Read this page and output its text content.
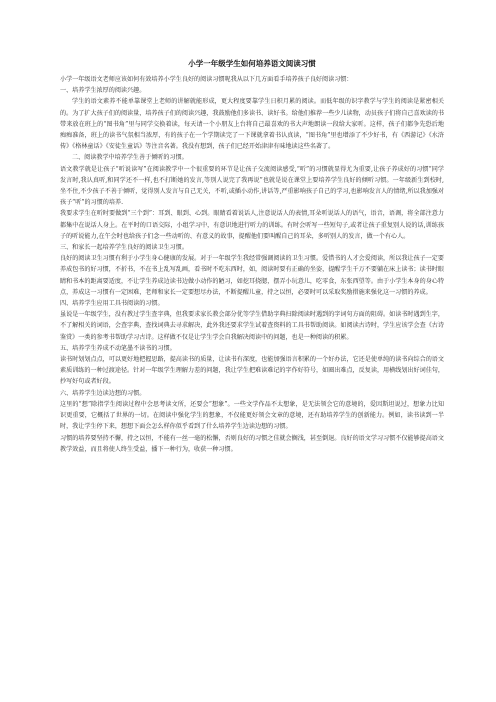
小学一年级学生如何培养语文阅读习惯

小学一年级语文老师应该如何有效培养小学生良好的阅读习惯呢我从以下几方面看手培养孩子良好阅读习惯：

一、培养学生浓厚的阅读兴趣。

学生的语文素养不能单靠课堂上老师的讲解就能形成，更大程度要靠学生日积月累的阅读。而低年级的识字教学与学生的阅读是紧密相关的。为了扩大孩子们的阅读量，培养孩子们的阅读兴趣，我鼓励他们多读书、读好书。给他们推荐一些少儿读物，动员孩子们将自己喜欢读的书带来放在班上的“图书角”里与同学交换着读，每天请一个小朋友上台将自己最喜欢的书大声地朗读一段给大家听。这样，孩子们都争先恐后地痴痴准备，班上的读书气氛相当浓厚，有的孩子在一个学期读完了一下课就拿着书认真读，“图书角”里也增添了不少好书，有《西游记》《水浒传》《格林童话》《安徒生童话》等注音名著。我没有想到，孩子们已经开始津津有味地读这些名著了。

二、阅读教学中培养学生善于倾听的习惯。

语文教学就是让孩子“听说读写”在阅读教学中一个很重要的环节是让孩子交流阅读感受,“听”的习惯就显得尤为重要,让孩子养成好的习惯“同学发言时,我认真听,和同学还不一样,也不打断她的发言,等别人说完了我再说”也就是说在课堂上要培养学生良好的倾听习惯。一年级新生到校时,坐不住,不少孩子不善于倾听，觉得别人发言与自己无关，不听,或插小动作,讲话等,严重影响孩子自己的学习,也影响发言人的情绪,所以我加强对孩子“听”的习惯的培养.

我要求学生在听时要做到“三个到”：耳到、眼到、心到。眼睛看着说话人,注意说话人的表情,耳朵听说话人的语气，语音，语调，将全部注意力都集中在说话人身上。在平时的口语交际，小组学习中，有意识地进行听力的训练。有时会听写一些短句子,或者让孩子重复别人说的话,训练孩子的听说能力,在午会时也给孩子们念一些动听的、有意义的故事，提醒他们要叫醒自己的耳朵，多听别人的发言，做一个有心人。

三、和家长一起培养学生良好的阅读卫生习惯。

良好的阅读卫生习惯有利于小学生身心健康的发展。对于一年级学生我经常强调阅读的卫生习惯。爱惜书的人才会爱阅读，所以我让孩子一定要养成包书的好习惯，不折书，不在书上乱写乱画，看书时不吃东西时，如，阅读时要有正确的坐姿，提醒学生千万不要躺在床上读书；读书时眼睛和书本的距离要适度，不让学生养成边读书边做小动作的陋习，如挖耳挠腮，摆弄小玩意儿，吃零食，东张西望等。由于小学生本身的身心特点，养成这一习惯有一定困难，老师和家长一定要想尽办法，不断提醒儿童，持之以恒，必要时可以采取奖励措施来强化这一习惯的养成。

四、培养学生应用工具书阅读的习惯。

虽说是一年级学生，没有教过学生查字典，但我要求家长教会部分优等学生借助字典扫除阅读时遇到的字词句方面的阻碍。如读书时遇到生字，不了解相关的词语，会查字典，查找词典去寻求解决，此外我还要求学生试着查资料的工具书帮助阅读。如阅读古诗时，学生应该学会查《古诗鉴赏》一类的参考书帮助学习古诗。这样做不仅是让学生学会自我解决阅读中的问题，也是一种阅读的积累。

五、培养学生养成不动笔墨不读书的习惯。

读书时划划点点，可以更好地把握思路，提高读书的质量，让读书有深度，也能加强语言积累的一个好办法，它还是使单纯的读书向综合的语文素质训练的一种过渡途径。针对一年级学生理解力差的问题，我让学生把难读难记的字作好符号，如圈出难点，反复读，用横线划出好词佳句，抄写好句或者好段。

六、培养学生边读边想的习惯。

这里的“想”除指学生阅读过程中会思考读文所，还要会“想象”。一些文学作品不太想象，是无法领会它的意境的，爱因斯坦说过，想象力比知识更重要，它概括了世界的一切。在阅读中强化学生的想象，不仅能更好领会文章的意境，还有助培养学生的创新能力。例如，读书读到一半时，我让学生停下来，想想下面会怎么样你似乎看到了什么培养学生边读边想的习惯。

习惯的培养要坚持不懈，持之以恒，不能有一丝一毫的松懈，否则良好的习惯之佳就会搁浅，甚至倒退。良好的语文学习习惯不仅能够提高语文教学效益，而且将使人终生受益，播下一种行为，收获一种习惯。
